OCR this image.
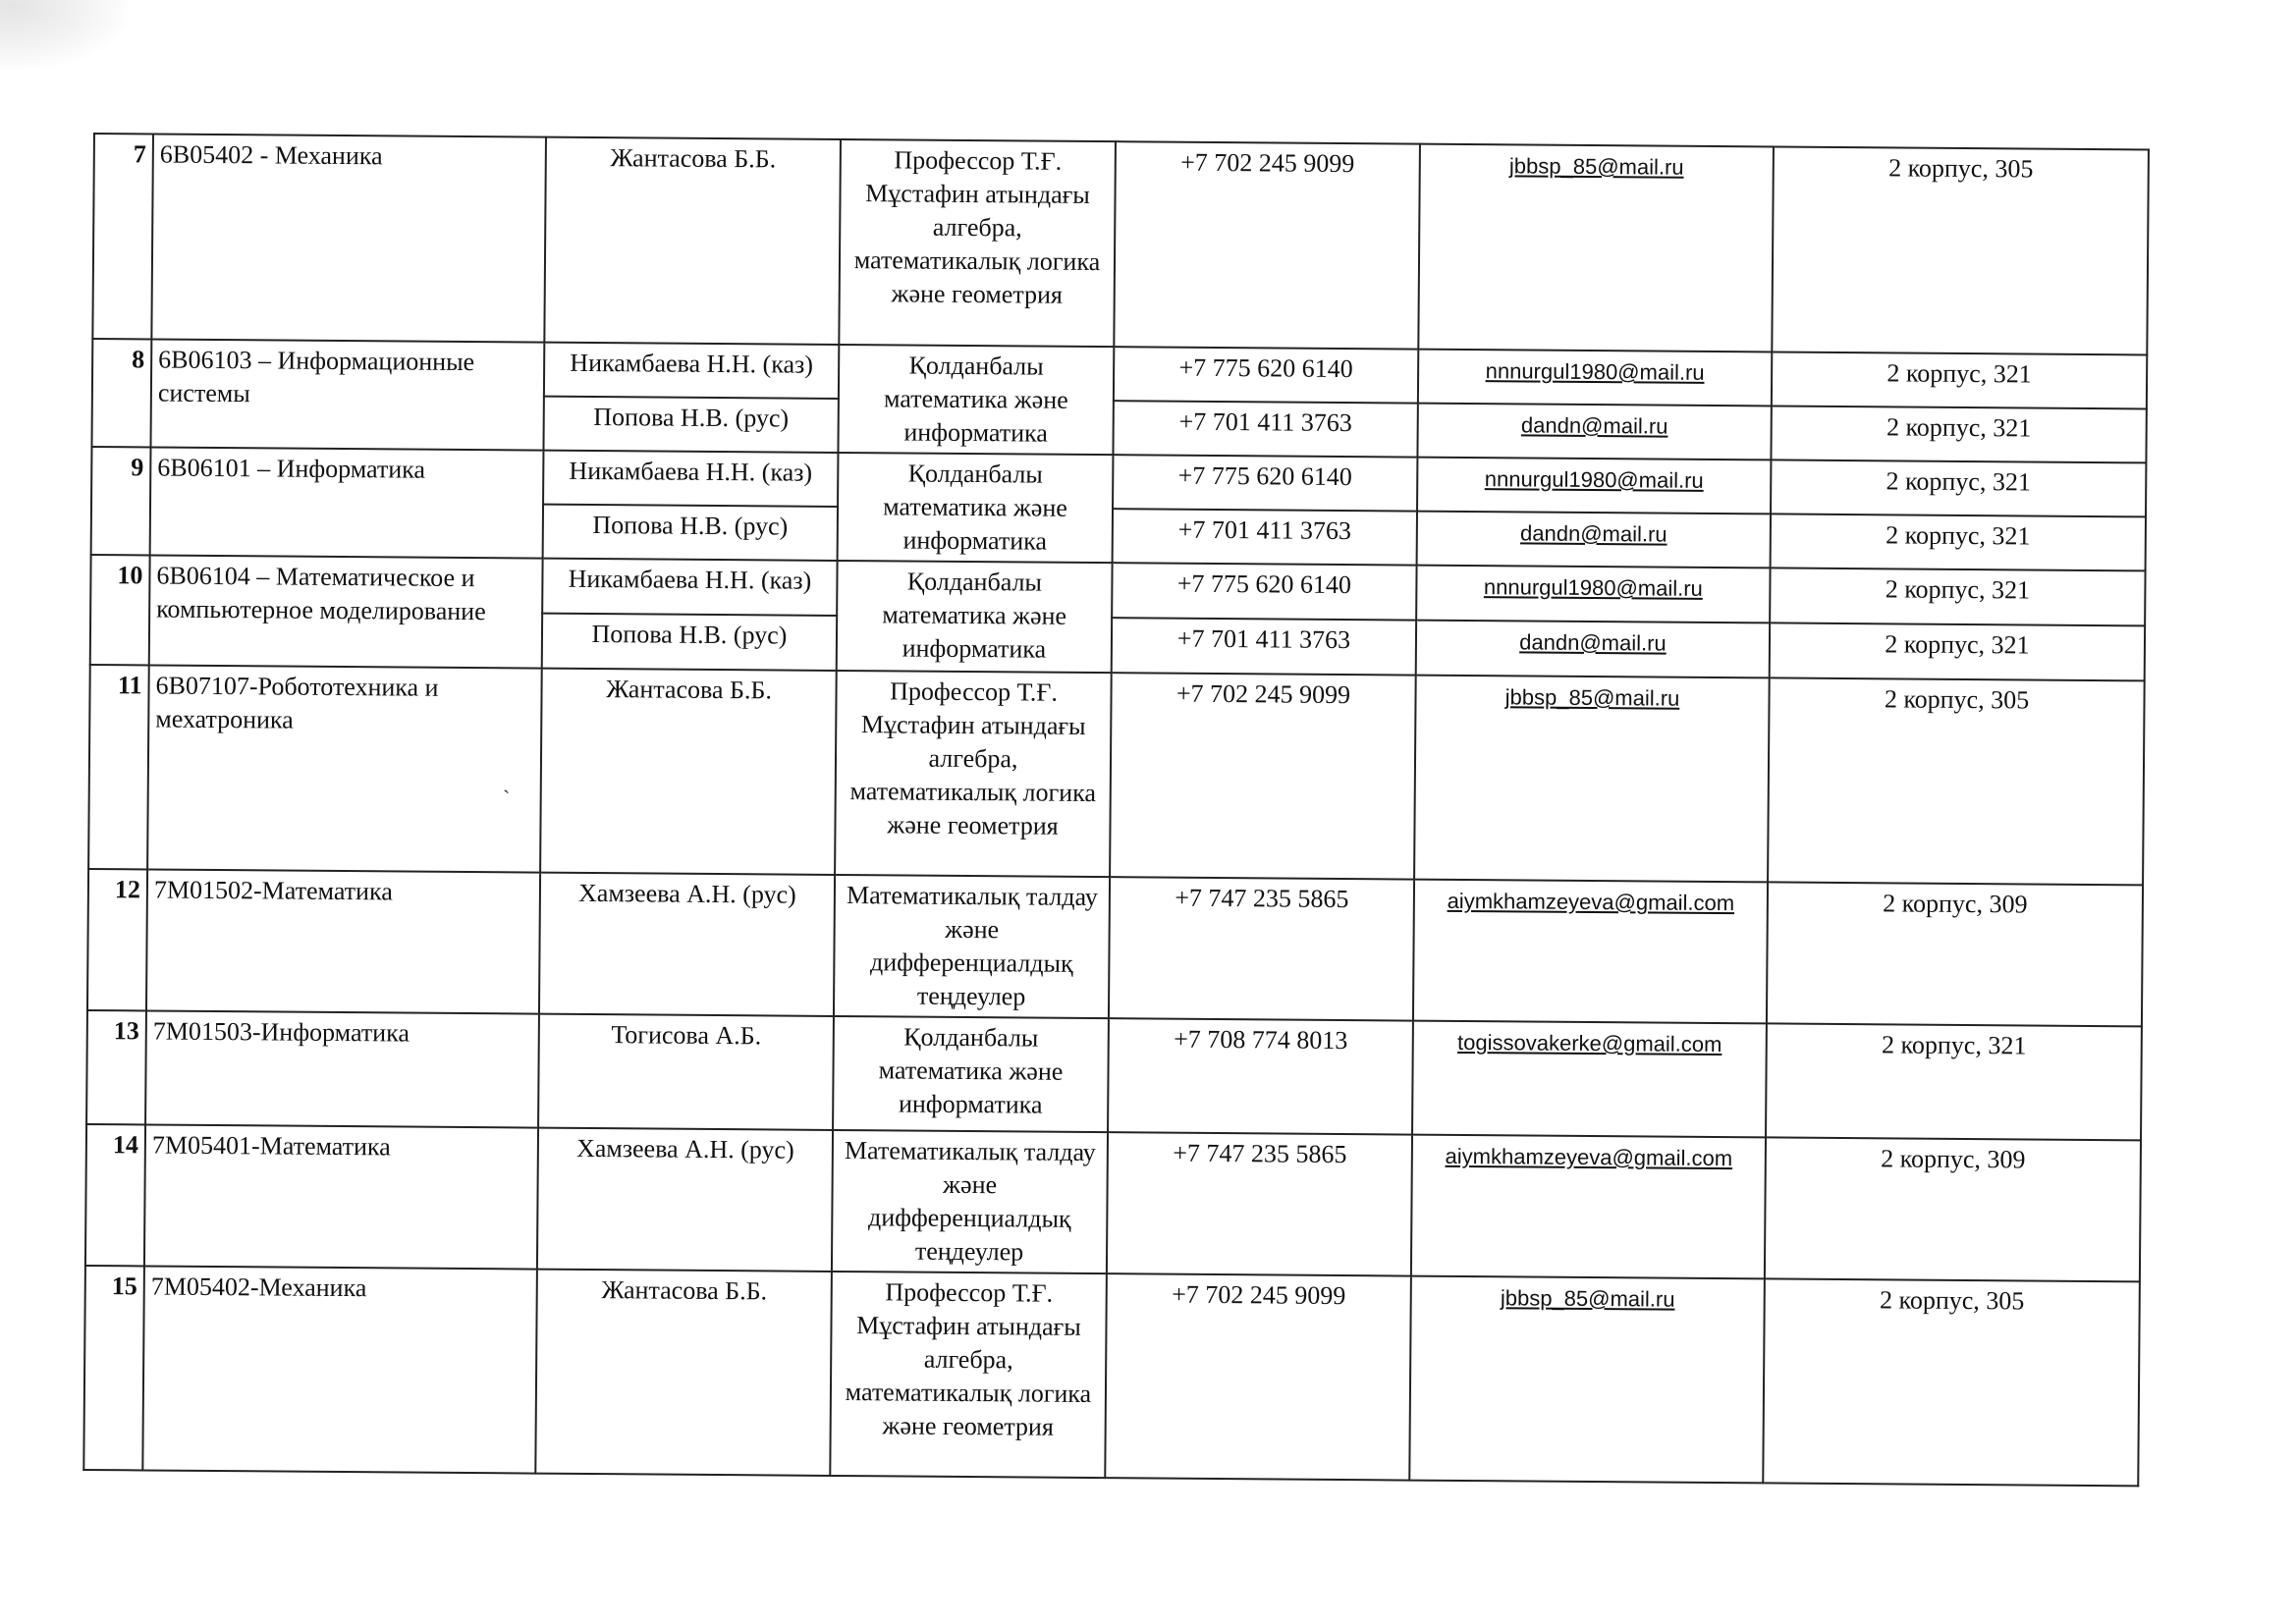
7	6В05402 - Механика	Жантасова Б.Б.	Профессор Т.Ғ. Мұстафин атындағы алгебра, математикалық логика және геометрия	+7 702 245 9099	jbbsp_85@mail.ru	2 корпус, 305
8	6В06103 – Информационные системы	Никамбаева Н.Н. (каз)	Қолданбалы математика және информатика	+7 775 620 6140	nnnurgul1980@mail.ru	2 корпус, 321
		Попова Н.В. (рус)		+7 701 411 3763	dandn@mail.ru	2 корпус, 321
9	6В06101 – Информатика	Никамбаева Н.Н. (каз)	Қолданбалы математика және информатика	+7 775 620 6140	nnnurgul1980@mail.ru	2 корпус, 321
		Попова Н.В. (рус)		+7 701 411 3763	dandn@mail.ru	2 корпус, 321
10	6В06104 – Математическое и компьютерное моделирование	Никамбаева Н.Н. (каз)	Қолданбалы математика және информатика	+7 775 620 6140	nnnurgul1980@mail.ru	2 корпус, 321
		Попова Н.В. (рус)		+7 701 411 3763	dandn@mail.ru	2 корпус, 321
11	6В07107-Робототехника и мехатроника	Жантасова Б.Б.	Профессор Т.Ғ. Мұстафин атындағы алгебра, математикалық логика және геометрия	+7 702 245 9099	jbbsp_85@mail.ru	2 корпус, 305
12	7М01502-Математика	Хамзеева А.Н. (рус)	Математикалық талдау және дифференциалдық теңдеулер	+7 747 235 5865	aiymkhamzeyeva@gmail.com	2 корпус, 309
13	7М01503-Информатика	Тогисова А.Б.	Қолданбалы математика және информатика	+7 708 774 8013	togissovakerke@gmail.com	2 корпус, 321
14	7М05401-Математика	Хамзеева А.Н. (рус)	Математикалық талдау және дифференциалдық теңдеулер	+7 747 235 5865	aiymkhamzeyeva@gmail.com	2 корпус, 309
15	7М05402-Механика	Жантасова Б.Б.	Профессор Т.Ғ. Мұстафин атындағы алгебра, математикалық логика және геометрия	+7 702 245 9099	jbbsp_85@mail.ru	2 корпус, 305
ˎ
